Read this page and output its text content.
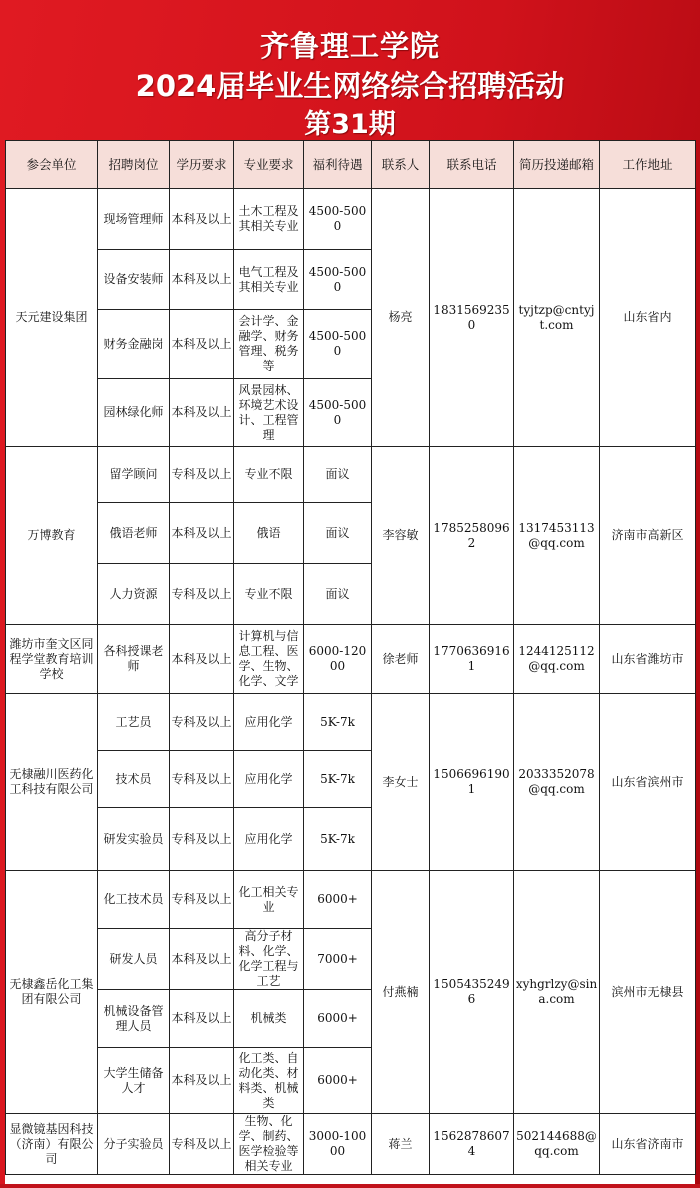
齐鲁理工学院
2024届毕业生网络综合招聘活动
第31期
参会单位	招聘岗位	学历要求	专业要求	福利待遇	联系人	联系电话	简历投递邮箱	工作地址
天元建设集团	现场管理师	本科及以上	土木工程及其相关专业	4500-5000	杨亮	18315692350	tyjtzp@cntyjt.com	山东省内
	设备安装师	本科及以上	电气工程及其相关专业	4500-5000				
	财务金融岗	本科及以上	会计学、金融学、财务管理、税务等	4500-5000				
	园林绿化师	本科及以上	风景园林、环境艺术设计、工程管理	4500-5000				
万博教育	留学顾问	专科及以上	专业不限	面议	李容敏	17852580962	13174531​13@qq.com	济南市高新区
	俄语老师	本科及以上	俄语	面议				
	人力资源	专科及以上	专业不限	面议				
潍坊市奎文区同程学堂教育培训学校	各科授课老师	本科及以上	计算机与信息工程、医学、生物、化学、文学	6000-12000	徐老师	17706369161	1244125112@qq.com	山东省潍坊市
无棣融川医药化工科技有限公司	工艺员	专科及以上	应用化学	5K-7k	李女士	15066961901	2033352078@qq.com	山东省滨州市
	技术员	专科及以上	应用化学	5K-7k				
	研发实验员	专科及以上	应用化学	5K-7k				
无棣鑫岳化工集团有限公司	化工技术员	专科及以上	化工相关专业	6000+	付燕楠	15054352496	xyhgrlzy@sina.com	滨州市无棣县
	研发人员	本科及以上	高分子材料、化学、化学工程与工艺	7000+				
	机械设备管理人员	本科及以上	机械类	6000+				
	大学生储备人才	本科及以上	化工类、自动化类、材料类、机械类	6000+				
显微镜基因科技（济南）有限公司	分子实验员	专科及以上	生物、化学、制药、医学检验等相关专业	3000-10000	蒋兰	15628786074	502144688@qq.com	山东省济南市
